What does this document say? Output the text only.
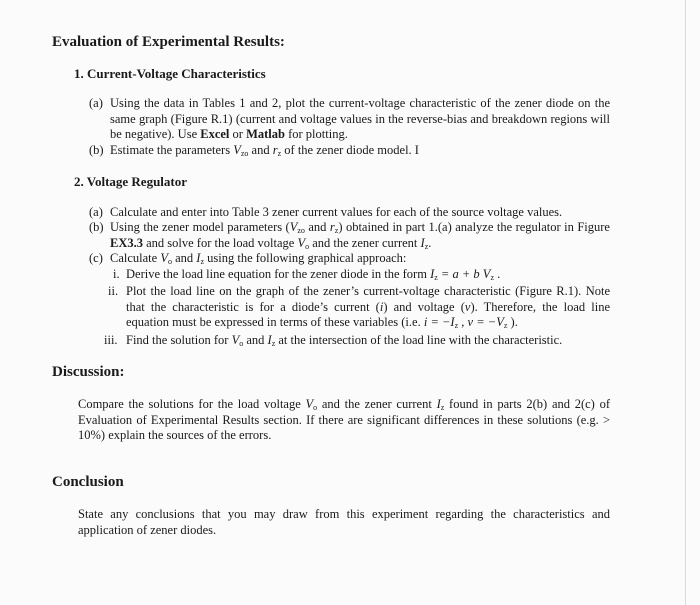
Evaluation of Experimental Results:
1. Current-Voltage Characteristics
(a) Using the data in Tables 1 and 2, plot the current-voltage characteristic of the zener diode on the same graph (Figure R.1) (current and voltage values in the reverse-bias and breakdown regions will be negative). Use Excel or Matlab for plotting.
(b) Estimate the parameters $V_{zo}$ and $r_z$ of the zener diode model. I
2. Voltage Regulator
(a) Calculate and enter into Table 3 zener current values for each of the source voltage values.
(b) Using the zener model parameters ($V_{zo}$ and $r_z$) obtained in part 1.(a) analyze the regulator in Figure EX3.3 and solve for the load voltage $V_o$ and the zener current $I_z$.
(c) Calculate $V_o$ and $I_z$ using the following graphical approach:
i. Derive the load line equation for the zener diode in the form $I_z = a + b$ $V_z$ .
ii. Plot the load line on the graph of the zener’s current-voltage characteristic (Figure R.1). Note that the characteristic is for a diode’s current (i) and voltage (v). Therefore, the load line equation must be expressed in terms of these variables (i.e. $i = -I_z$ , $v = -V_z$ ).
iii. Find the solution for $V_o$ and $I_z$ at the intersection of the load line with the characteristic.
Discussion:
Compare the solutions for the load voltage $V_o$ and the zener current $I_z$ found in parts 2(b) and 2(c) of Evaluation of Experimental Results section. If there are significant differences in these solutions (e.g. > 10%) explain the sources of the errors.
Conclusion
State any conclusions that you may draw from this experiment regarding the characteristics and application of zener diodes.
